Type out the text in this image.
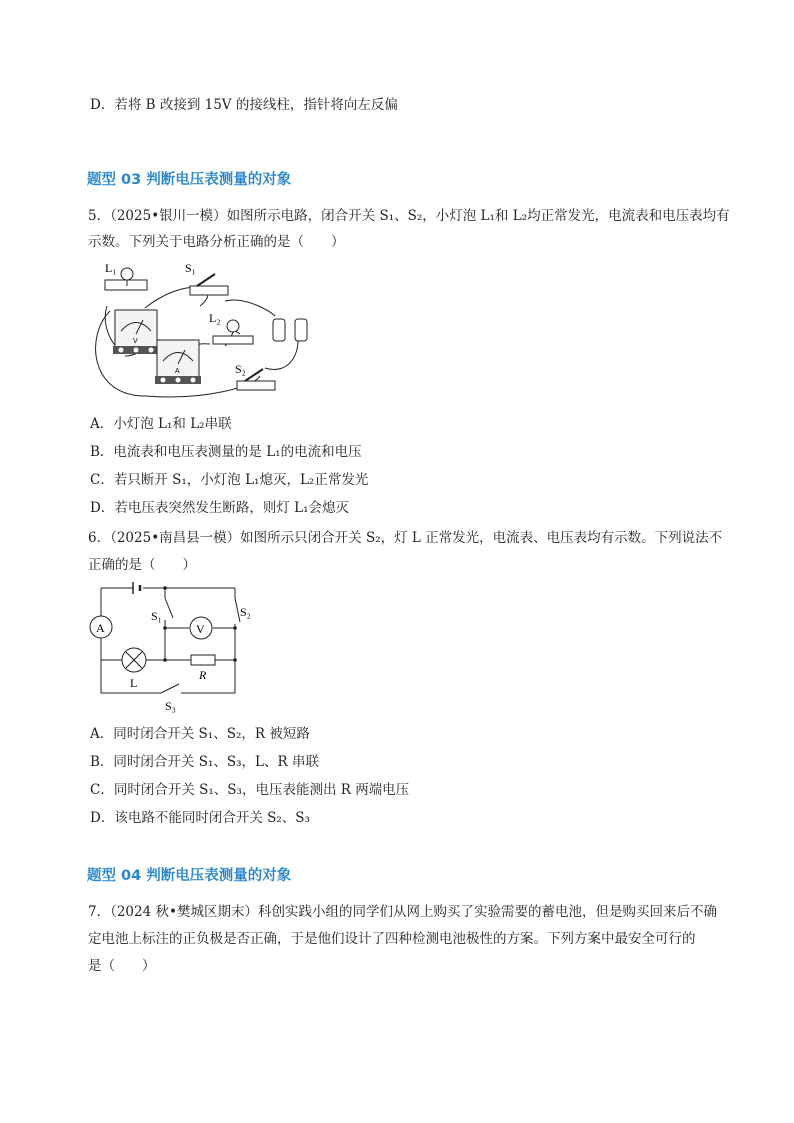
D．若将 B 改接到 15V 的接线柱，指针将向左反偏
题型 03 判断电压表测量的对象
5．（2025•银川一模）如图所示电路，闭合开关 S₁、S₂，小灯泡 L₁和 L₂均正常发光，电流表和电压表均有
示数。下列关于电路分析正确的是（　　）
L₁	S₁
V
L₂
A	S₂
A．小灯泡 L₁和 L₂串联
B．电流表和电压表测量的是 L₁的电流和电压
C．若只断开 S₁，小灯泡 L₁熄灭，L₂正常发光
D．若电压表突然发生断路，则灯 L₁会熄灭
6．（2025•南昌县一模）如图所示只闭合开关 S₂，灯 L 正常发光，电流表、电压表均有示数。下列说法不
正确的是（　　）
A	V
L
R
S₁	S₂
S₃
A．同时闭合开关 S₁、S₂，R 被短路
B．同时闭合开关 S₁、S₃，L、R 串联
C．同时闭合开关 S₁、S₃，电压表能测出 R 两端电压
D．该电路不能同时闭合开关 S₂、S₃
题型 04 判断电压表测量的对象
7．（2024 秋•樊城区期末）科创实践小组的同学们从网上购买了实验需要的蓄电池，但是购买回来后不确
定电池上标注的正负极是否正确，于是他们设计了四种检测电池极性的方案。下列方案中最安全可行的
是（　　）
